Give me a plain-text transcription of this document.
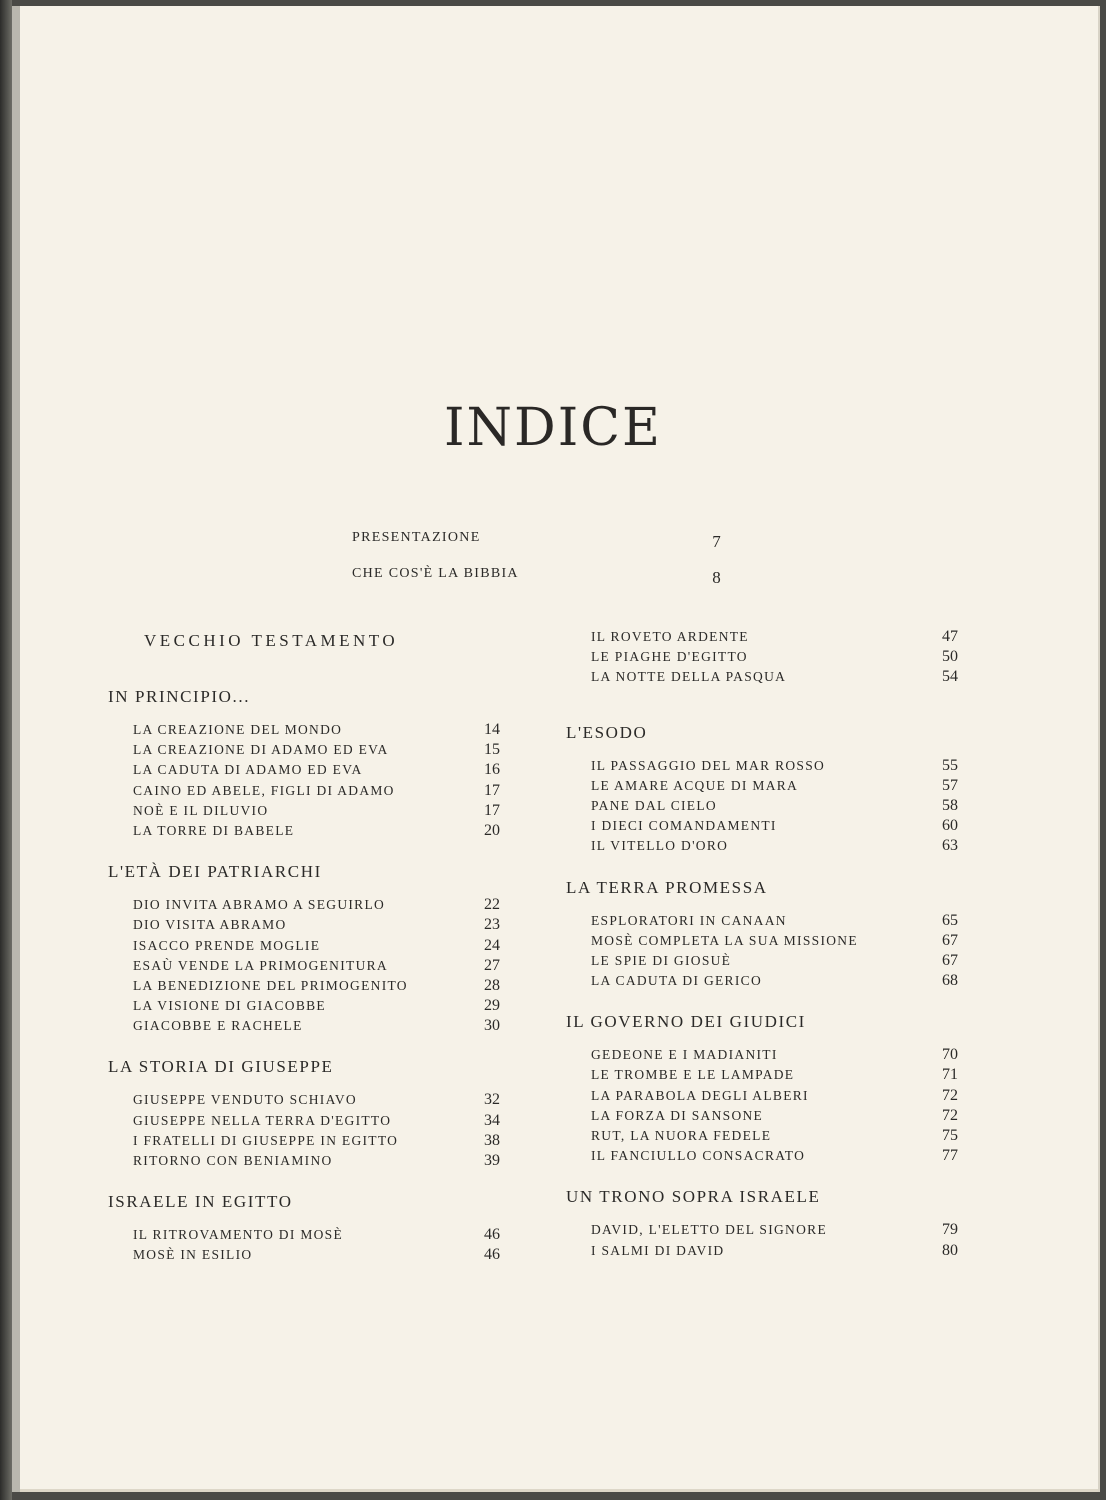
INDICE
PRESENTAZIONE	7
CHE COS'È LA BIBBIA	8
VECCHIO TESTAMENTO
IN PRINCIPIO...
LA CREAZIONE DEL MONDO	14
LA CREAZIONE DI ADAMO ED EVA	15
LA CADUTA DI ADAMO ED EVA	16
CAINO ED ABELE, FIGLI DI ADAMO	17
NOÈ E IL DILUVIO	17
LA TORRE DI BABELE	20
L'ETÀ DEI PATRIARCHI
DIO INVITA ABRAMO A SEGUIRLO	22
DIO VISITA ABRAMO	23
ISACCO PRENDE MOGLIE	24
ESAÙ VENDE LA PRIMOGENITURA	27
LA BENEDIZIONE DEL PRIMOGENITO	28
LA VISIONE DI GIACOBBE	29
GIACOBBE E RACHELE	30
LA STORIA DI GIUSEPPE
GIUSEPPE VENDUTO SCHIAVO	32
GIUSEPPE NELLA TERRA D'EGITTO	34
I FRATELLI DI GIUSEPPE IN EGITTO	38
RITORNO CON BENIAMINO	39
ISRAELE IN EGITTO
IL RITROVAMENTO DI MOSÈ	46
MOSÈ IN ESILIO	46
IL ROVETO ARDENTE	47
LE PIAGHE D'EGITTO	50
LA NOTTE DELLA PASQUA	54
L'ESODO
IL PASSAGGIO DEL MAR ROSSO	55
LE AMARE ACQUE DI MARA	57
PANE DAL CIELO	58
I DIECI COMANDAMENTI	60
IL VITELLO D'ORO	63
LA TERRA PROMESSA
ESPLORATORI IN CANAAN	65
MOSÈ COMPLETA LA SUA MISSIONE	67
LE SPIE DI GIOSUÈ	67
LA CADUTA DI GERICO	68
IL GOVERNO DEI GIUDICI
GEDEONE E I MADIANITI	70
LE TROMBE E LE LAMPADE	71
LA PARABOLA DEGLI ALBERI	72
LA FORZA DI SANSONE	72
RUT, LA NUORA FEDELE	75
IL FANCIULLO CONSACRATO	77
UN TRONO SOPRA ISRAELE
DAVID, L'ELETTO DEL SIGNORE	79
I SALMI DI DAVID	80
